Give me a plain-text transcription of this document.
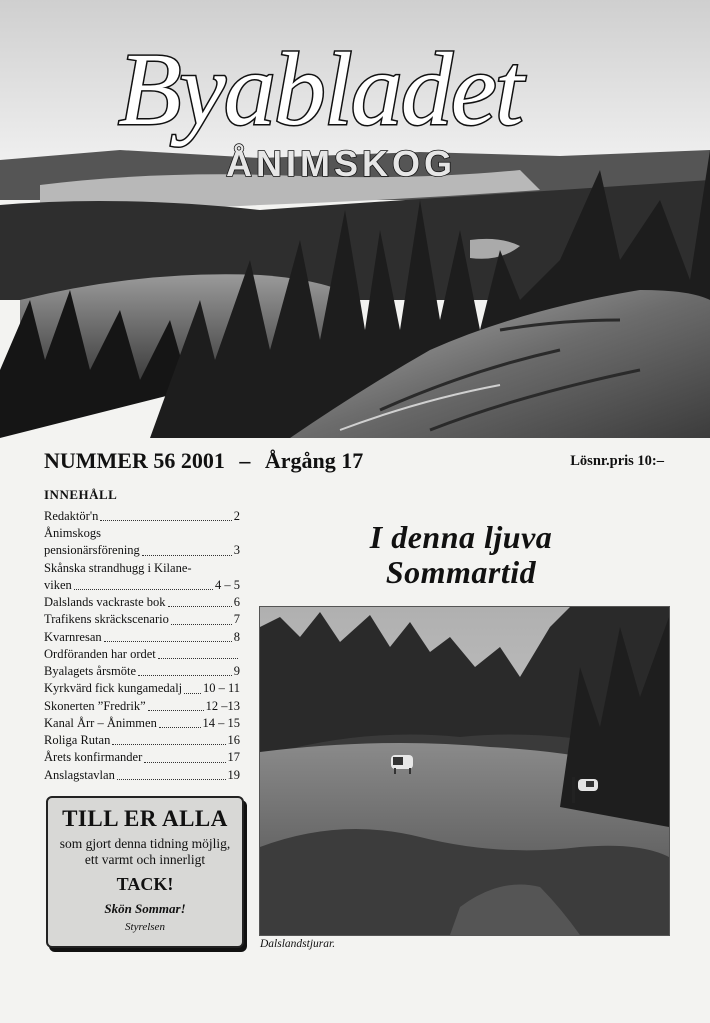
Byabladet
ÅNIMSKOG
NUMMER 56 2001 – Årgång 17	Lösnr.pris 10:–
INNEHÅLL
Redaktör'n	2
Ånimskogs
pensionärsförening	3
Skånska strandhugg i Kilane-
viken	4 – 5
Dalslands vackraste bok	6
Trafikens skräckscenario	7
Kvarnresan	8
Ordföranden har ordet
Byalagets årsmöte	9
Kyrkvärd fick kungamedalj 10 – 11
Skonerten ”Fredrik”	12 –13
Kanal Årr – Ånimmen	14 – 15
Roliga Rutan	16
Årets konfirmander	17
Anslagstavlan	19
TILL ER ALLA
som gjort denna tidning möjlig,
ett varmt och innerligt
TACK!
Skön Sommar!
Styrelsen
I denna ljuva
Sommartid
Dalslandstjurar.
